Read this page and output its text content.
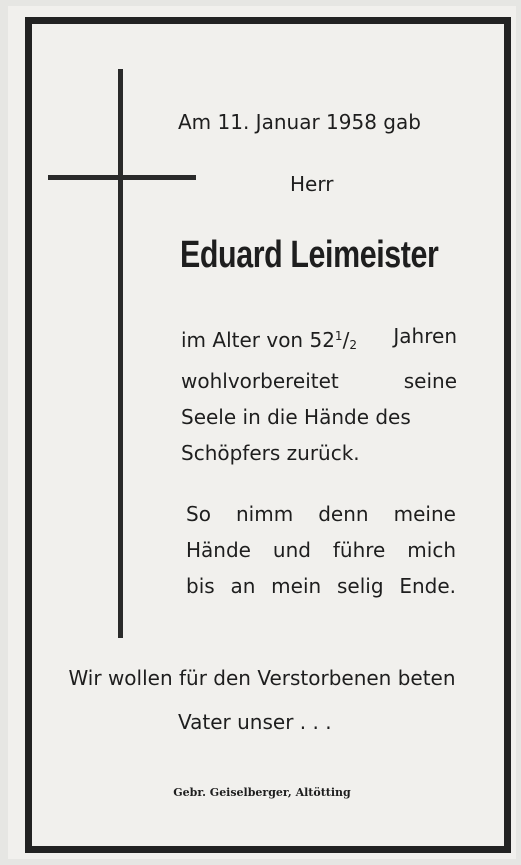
Am 11. Januar 1958 gab
Herr
Eduard Leimeister
im Alter von $52^1/_2$ Jahren
wohlvorbereitet	seine
Seele in die Hände des
Schöpfers zurück.
So nimm denn meine
Hände und führe mich
bis an mein selig Ende.
Wir wollen für den Verstorbenen beten
Vater unser . . .
Gebr. Geiselberger, Altötting
